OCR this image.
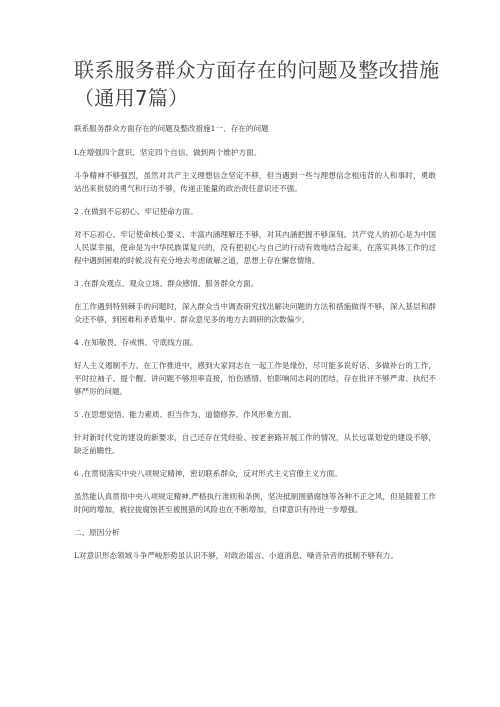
联系服务群众方面存在的问题及整改措施（通用7篇）

联系服务群众方面存在的问题及整改措施1一、存在的问题

L在增强四个意识、坚定四个自信、做到两个维护方面。

斗争精神不够强烈，虽然对共产主义理想信念坚定不移，但当遇到一些与理想信念相违背的人和事时，勇敢站出来批驳的勇气和行动不够，传递正能量的政治责任意识还不强。

2 .在做到不忘初心、牢记使命方面。

对不忘初心、牢记使命核心要义、丰富内涵理解还不够，对其内涵把握不够深刻。共产党人的初心是为中国人民谋幸福，使命是为中华民族谋复兴的，没有把初心与自己的行动有效地结合起来，在落实具体工作的过程中遇到困难的时候,没有充分地去考虑破解之道，思想上存在懈怠情绪。

3 .在群众观点、观众立场、群众感情、服务群众方面。

在工作遇到特别棘手的问题时，深入群众当中调查研究找出解决问题的方法和措施做得不够，深入基层和群众还不够，到困难和矛盾集中、群众意见多的地方去调研的次数偏少。

4 .在知敬畏、存戒惧、守底线方面。

好人主义遏制不力。在工作推进中，感到大家同志在一起工作是缘份，尽可能多说好话、多做补台的工作，平时拉袖子、提个醒、讲问题不够坦率直接，怕伤感情、怕影响同志间的团结，存在批评不够严肃、执纪不够严厉的问题。

5 .在思想觉悟、能力素质、担当作为、道德修养、作风形象方面。

针对新时代党的建设的新要求，自己还存在凭经验、按老套路开展工作的情况，从长远谋划党的建设不够，缺乏前瞻性。

6 .在贯彻落实中央八项规定精神，密切联系群众，反对形式主义官僚主义方面。

虽然能认真贯彻中央八项规定精神,严格执行准则和条例，坚决抵制围猎腐蚀等各种不正之风，但是随着工作时间的增加，被拉拢腐蚀甚至被围猎的风险也在不断增加，自律意识有待进一步增强。

二、原因分析

L对意识形态领域斗争严峻形势虽认识不够，对政治谣言、小道消息、噪音杂音的抵制不够有力。
